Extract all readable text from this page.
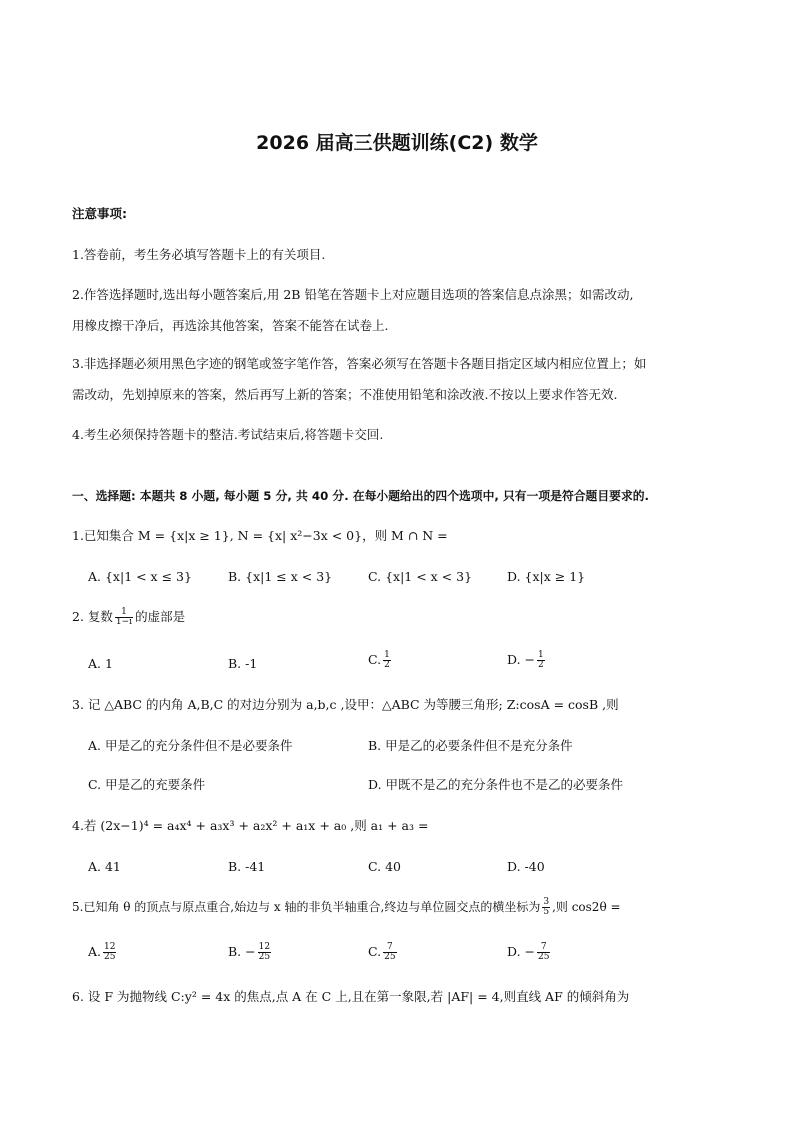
2026 届高三供题训练(C2) 数学
注意事项:
1.答卷前，考生务必填写答题卡上的有关项目.
2.作答选择题时,选出每小题答案后,用 2B 铅笔在答题卡上对应题目选项的答案信息点涂黑；如需改动,
用橡皮擦干净后，再选涂其他答案，答案不能答在试卷上.
3.非选择题必须用黑色字迹的钢笔或签字笔作答，答案必须写在答题卡各题目指定区域内相应位置上；如
需改动，先划掉原来的答案，然后再写上新的答案；不准使用铅笔和涂改液.不按以上要求作答无效.
4.考生必须保持答题卡的整洁.考试结束后,将答题卡交回.
一、选择题: 本题共 8 小题, 每小题 5 分, 共 40 分. 在每小题给出的四个选项中, 只有一项是符合题目要求的.
1.已知集合 M = {x|x ≥ 1}, N = {x| x²−3x < 0}，则 M ∩ N =
A. {x|1 < x ≤ 3}	B. {x|1 ≤ x < 3}	C. {x|1 < x < 3}	D. {x|x ≥ 1}
2. 复数 $\frac{1}{1-i}$ 的虚部是
A. 1	B. -1	C. $\frac{1}{2}$	D. − $\frac{1}{2}$
3. 记 △ABC 的内角 A,B,C 的对边分别为 a,b,c ,设甲：△ABC 为等腰三角形; Z:cosA = cosB ,则
A. 甲是乙的充分条件但不是必要条件	B. 甲是乙的必要条件但不是充分条件
C. 甲是乙的充要条件	D. 甲既不是乙的充分条件也不是乙的必要条件
4.若 (2x−1)⁴ = a₄x⁴ + a₃x³ + a₂x² + a₁x + a₀ ,则 a₁ + a₃ =
A. 41	B. -41	C. 40	D. -40
5.已知角 θ 的顶点与原点重合,始边与 x 轴的非负半轴重合,终边与单位圆交点的横坐标为 $\frac{3}{5}$ ,则 cos2θ =
A. $\frac{12}{25}$	B. − $\frac{12}{25}$	C. $\frac{7}{25}$	D. − $\frac{7}{25}$
6. 设 F 为抛物线 C:y² = 4x 的焦点,点 A 在 C 上,且在第一象限,若 |AF| = 4,则直线 AF 的倾斜角为
